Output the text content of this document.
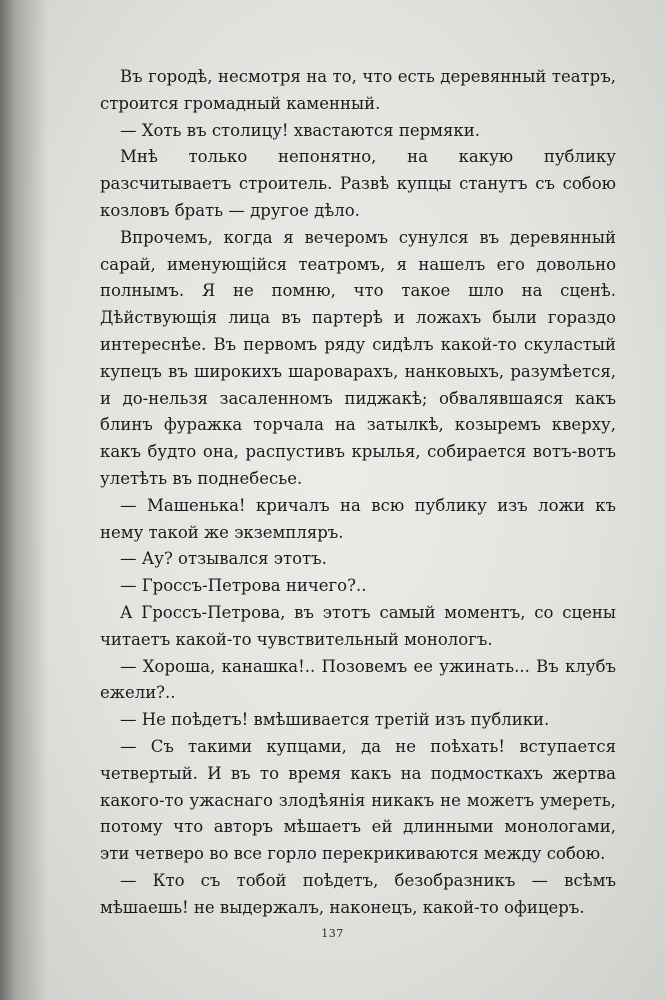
Въ городѣ, несмотря на то, что есть деревянный театръ, строится громадный каменный.

— Хоть въ столицу! хвастаются пермяки.

Мнѣ только непонятно, на какую публику разсчитываетъ строитель. Развѣ купцы станутъ съ собою козловъ брать — другое дѣло.

Впрочемъ, когда я вечеромъ сунулся въ деревянный сарай, именующійся театромъ, я нашелъ его довольно полнымъ. Я не помню, что такое шло на сценѣ. Дѣйствующія лица въ партерѣ и ложахъ были гораздо интереснѣе. Въ первомъ ряду сидѣлъ какой-то скуластый купецъ въ широкихъ шароварахъ, нанковыхъ, разумѣется, и до-нельзя засаленномъ пиджакѣ; обвалявшаяся какъ блинъ фуражка торчала на затылкѣ, козыремъ кверху, какъ будто она, распустивъ крылья, собирается вотъ-вотъ улетѣть въ поднебесье.

— Машенька! кричалъ на всю публику изъ ложи къ нему такой же экземпляръ.

— Ау? отзывался этотъ.

— Гроссъ-Петрова ничего?..

А Гроссъ-Петрова, въ этотъ самый моментъ, со сцены читаетъ какой-то чувствительный монологъ.

— Хороша, канашка!.. Позовемъ ее ужинать... Въ клубъ ежели?..

— Не поѣдетъ! вмѣшивается третій изъ публики.

— Съ такими купцами, да не поѣхать! вступается четвертый. И въ то время какъ на подмосткахъ жертва какого-то ужаснаго злодѣянія никакъ не можетъ умереть, потому что авторъ мѣшаетъ ей длинными монологами, эти четверо во все горло перекрикиваются между собою.

— Кто съ тобой поѣдетъ, безобразникъ — всѣмъ мѣшаешь! не выдержалъ, наконецъ, какой-то офицеръ.

137
